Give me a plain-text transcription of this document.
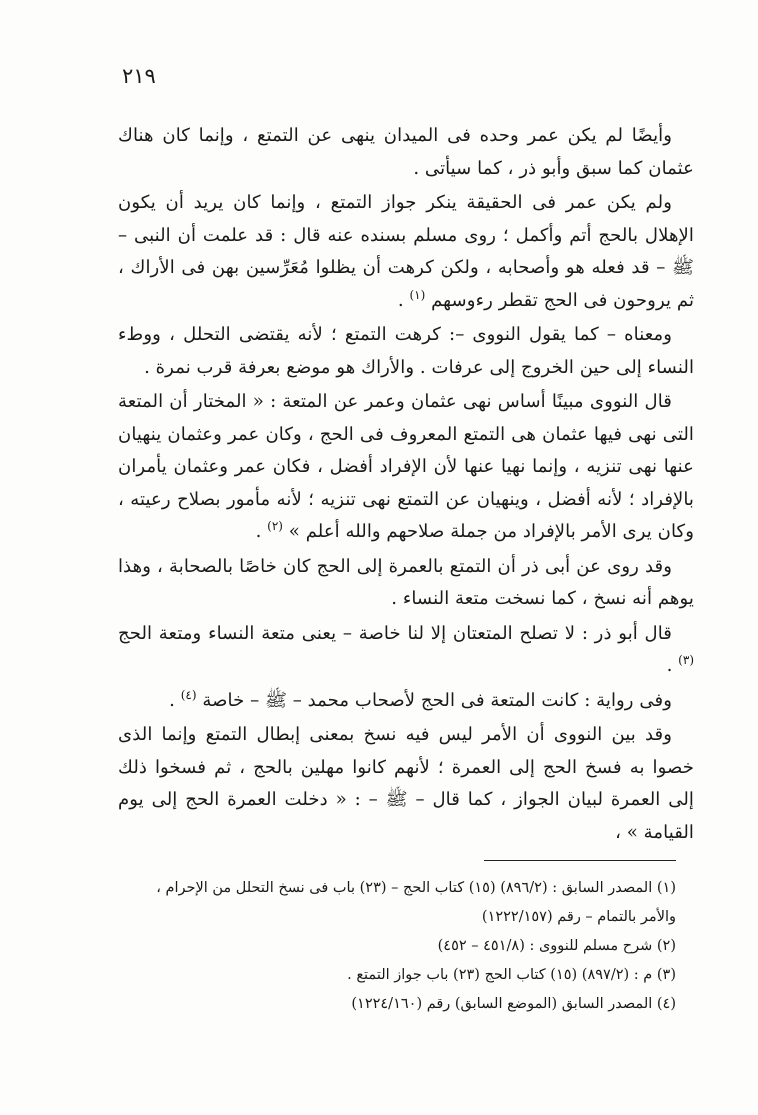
٢١٩

وأيضًا لم يكن عمر وحده فى الميدان ينهى عن التمتع ، وإنما كان هناك عثمان كما سبق وأبو ذر ، كما سيأتى .

ولم يكن عمر فى الحقيقة ينكر جواز التمتع ، وإنما كان يريد أن يكون الإهلال بالحج أتم وأكمل ؛ روى مسلم بسنده عنه قال : قد علمت أن النبى – ﷺ – قد فعله هو وأصحابه ، ولكن كرهت أن يظلوا مُعَرِّسين بهن فى الأراك ، ثم يروحون فى الحج تقطر رءوسهم $^{(١)}$ .

ومعناه – كما يقول النووى –: كرهت التمتع ؛ لأنه يقتضى التحلل ، ووطء النساء إلى حين الخروج إلى عرفات . والأراك هو موضع بعرفة قرب نمرة .

قال النووى مبينًا أساس نهى عثمان وعمر عن المتعة : « المختار أن المتعة التى نهى فيها عثمان هى التمتع المعروف فى الحج ، وكان عمر وعثمان ينهيان عنها نهى تنزيه ، وإنما نهيا عنها لأن الإفراد أفضل ، فكان عمر وعثمان يأمران بالإفراد ؛ لأنه أفضل ، وينهيان عن التمتع نهى تنزيه ؛ لأنه مأمور بصلاح رعيته ، وكان يرى الأمر بالإفراد من جملة صلاحهم والله أعلم » $^{(٢)}$ .

وقد روى عن أبى ذر أن التمتع بالعمرة إلى الحج كان خاصًا بالصحابة ، وهذا يوهم أنه نسخ ، كما نسخت متعة النساء .

قال أبو ذر : لا تصلح المتعتان إلا لنا خاصة – يعنى متعة النساء ومتعة الحج $^{(٣)}$ .

وفى رواية : كانت المتعة فى الحج لأصحاب محمد – ﷺ – خاصة $^{(٤)}$ .

وقد بين النووى أن الأمر ليس فيه نسخ بمعنى إبطال التمتع وإنما الذى خصوا به فسخ الحج إلى العمرة ؛ لأنهم كانوا مهلين بالحج ، ثم فسخوا ذلك إلى العمرة لبيان الجواز ، كما قال – ﷺ – : « دخلت العمرة الحج إلى يوم القيامة » ،

(١) المصدر السابق : (٨٩٦/٢) (١٥) كتاب الحج – (٢٣) باب فى نسخ التحلل من الإحرام ، والأمر بالتمام – رقم (١٢٢٢/١٥٧)

(٢) شرح مسلم للنووى : (٤٥١/٨ – ٤٥٢)

(٣) م : (٨٩٧/٢) (١٥) كتاب الحج (٢٣) باب جواز التمتع .

(٤) المصدر السابق (الموضع السابق) رقم (١٢٢٤/١٦٠)
